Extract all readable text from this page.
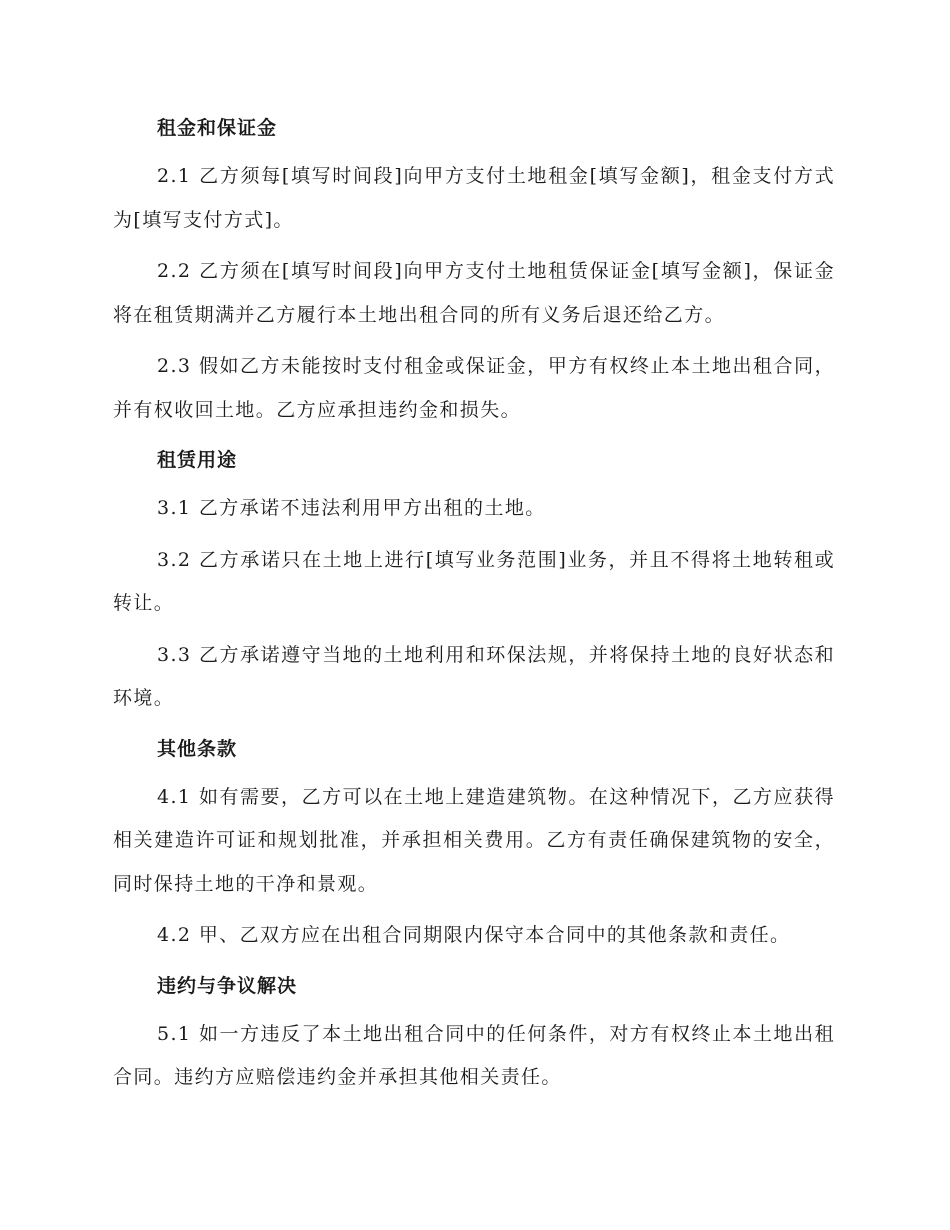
租金和保证金

2.1 乙方须每[填写时间段]向甲方支付土地租金[填写金额]，租金支付方式为[填写支付方式]。

2.2 乙方须在[填写时间段]向甲方支付土地租赁保证金[填写金额]，保证金将在租赁期满并乙方履行本土地出租合同的所有义务后退还给乙方。

2.3 假如乙方未能按时支付租金或保证金，甲方有权终止本土地出租合同，并有权收回土地。乙方应承担违约金和损失。

租赁用途

3.1 乙方承诺不违法利用甲方出租的土地。

3.2 乙方承诺只在土地上进行[填写业务范围]业务，并且不得将土地转租或转让。

3.3 乙方承诺遵守当地的土地利用和环保法规，并将保持土地的良好状态和环境。

其他条款

4.1 如有需要，乙方可以在土地上建造建筑物。在这种情况下，乙方应获得相关建造许可证和规划批准，并承担相关费用。乙方有责任确保建筑物的安全，同时保持土地的干净和景观。

4.2 甲、乙双方应在出租合同期限内保守本合同中的其他条款和责任。

违约与争议解决

5.1 如一方违反了本土地出租合同中的任何条件，对方有权终止本土地出租合同。违约方应赔偿违约金并承担其他相关责任。
